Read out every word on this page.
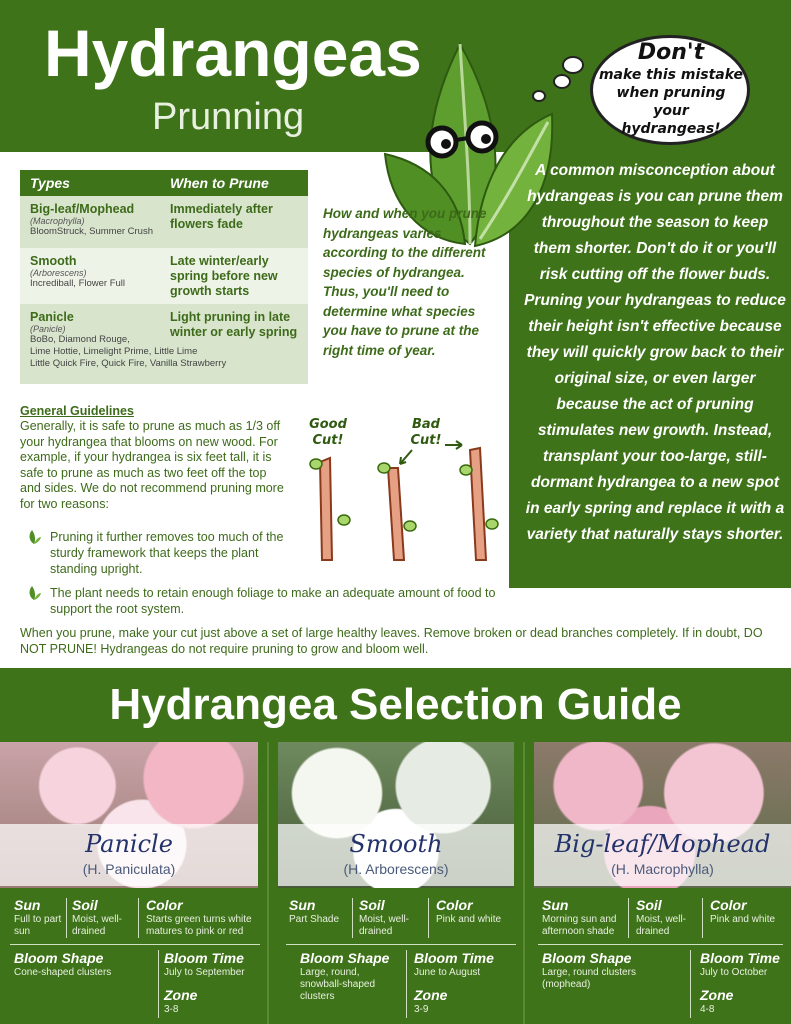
Hydrangeas
Prunning
Don't
make this mistake
when pruning your
hydrangeas!
A common misconception about hydrangeas is you can prune them throughout the season to keep them shorter. Don't do it or you'll risk cutting off the flower buds. Pruning your hydrangeas to reduce their height isn't effective because they will quickly grow back to their original size, or even larger because the act of pruning stimulates new growth. Instead, transplant your too-large, still-dormant hydrangea to a new spot in early spring and replace it with a variety that naturally stays shorter.
Types	When to Prune
Big-leaf/Mophead
(Macrophylla)
BloomStruck, Summer Crush
Immediately after flowers fade
Smooth
(Arborescens)
Incrediball, Flower Full
Late winter/early spring before new growth starts
Panicle
(Panicle)
BoBo, Diamond Rouge,
Light pruning in late winter or early spring
Lime Hottie, Limelight Prime, Little Lime
Little Quick Fire, Quick Fire, Vanilla Strawberry
How and when you prune hydrangeas varies according to the different species of hydrangea. Thus, you'll need to determine what species you have to prune at the right time of year.
General Guidelines
Generally, it is safe to prune as much as 1/3 off your hydrangea that blooms on new wood. For example, if your hydrangea is six feet tall, it is safe to prune as much as two feet off the top and sides. We do not recommend pruning more for two reasons:
Pruning it further removes too much of the sturdy framework that keeps the plant standing upright.
The plant needs to retain enough foliage to make an adequate amount of food to support the root system.
Good Cut!
Bad Cut!
When you prune, make your cut just above a set of large healthy leaves. Remove broken or dead branches completely. If in doubt, DO NOT PRUNE! Hydrangeas do not require pruning to grow and bloom well.
Hydrangea Selection Guide
Panicle
(H. Paniculata)
Smooth
(H. Arborescens)
Big-leaf/Mophead
(H. Macrophylla)
Sun
Full to part sun
Soil
Moist, well-drained
Color
Starts green turns white matures to pink or red
Bloom Shape
Cone-shaped clusters
Bloom Time
July to September
Zone
3-8
Sun
Part Shade
Soil
Moist, well-drained
Color
Pink and white
Bloom Shape
Large, round, snowball-shaped clusters
Bloom Time
June to August
Zone
3-9
Sun
Morning sun and afternoon shade
Soil
Moist, well-drained
Color
Pink and white
Bloom Shape
Large, round clusters (mophead)
Bloom Time
July to October
Zone
4-8
